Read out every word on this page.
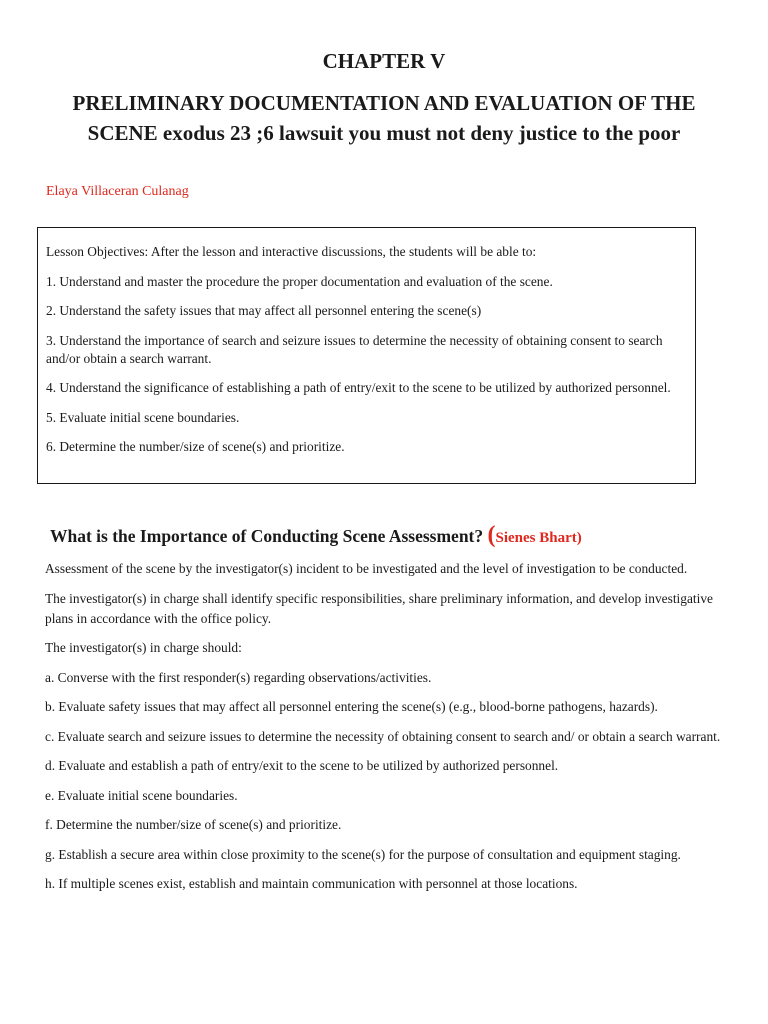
CHAPTER V
PRELIMINARY DOCUMENTATION AND EVALUATION OF THE SCENE exodus 23 ;6 lawsuit you must not deny justice to the poor
Elaya Villaceran Culanag

Lesson Objectives: After the lesson and interactive discussions, the students will be able to:

1. Understand and master the procedure the proper documentation and evaluation of the scene.

2. Understand the safety issues that may affect all personnel entering the scene(s)

3. Understand the importance of search and seizure issues to determine the necessity of obtaining consent to search and/or obtain a search warrant.

4. Understand the significance of establishing a path of entry/exit to the scene to be utilized by authorized personnel.

5. Evaluate initial scene boundaries.

6. Determine the number/size of scene(s) and prioritize.

What is the Importance of Conducting Scene Assessment? (Sienes Bhart)

Assessment of the scene by the investigator(s) incident to be investigated and the level of investigation to be conducted.

The investigator(s) in charge shall identify specific responsibilities, share preliminary information, and develop investigative plans in accordance with the office policy.

The investigator(s) in charge should:

a. Converse with the first responder(s) regarding observations/activities.

b. Evaluate safety issues that may affect all personnel entering the scene(s) (e.g., blood-borne pathogens, hazards).

c. Evaluate search and seizure issues to determine the necessity of obtaining consent to search and/ or obtain a search warrant.

d. Evaluate and establish a path of entry/exit to the scene to be utilized by authorized personnel.

e. Evaluate initial scene boundaries.

f. Determine the number/size of scene(s) and prioritize.

g. Establish a secure area within close proximity to the scene(s) for the purpose of consultation and equipment staging.

h. If multiple scenes exist, establish and maintain communication with personnel at those locations.
